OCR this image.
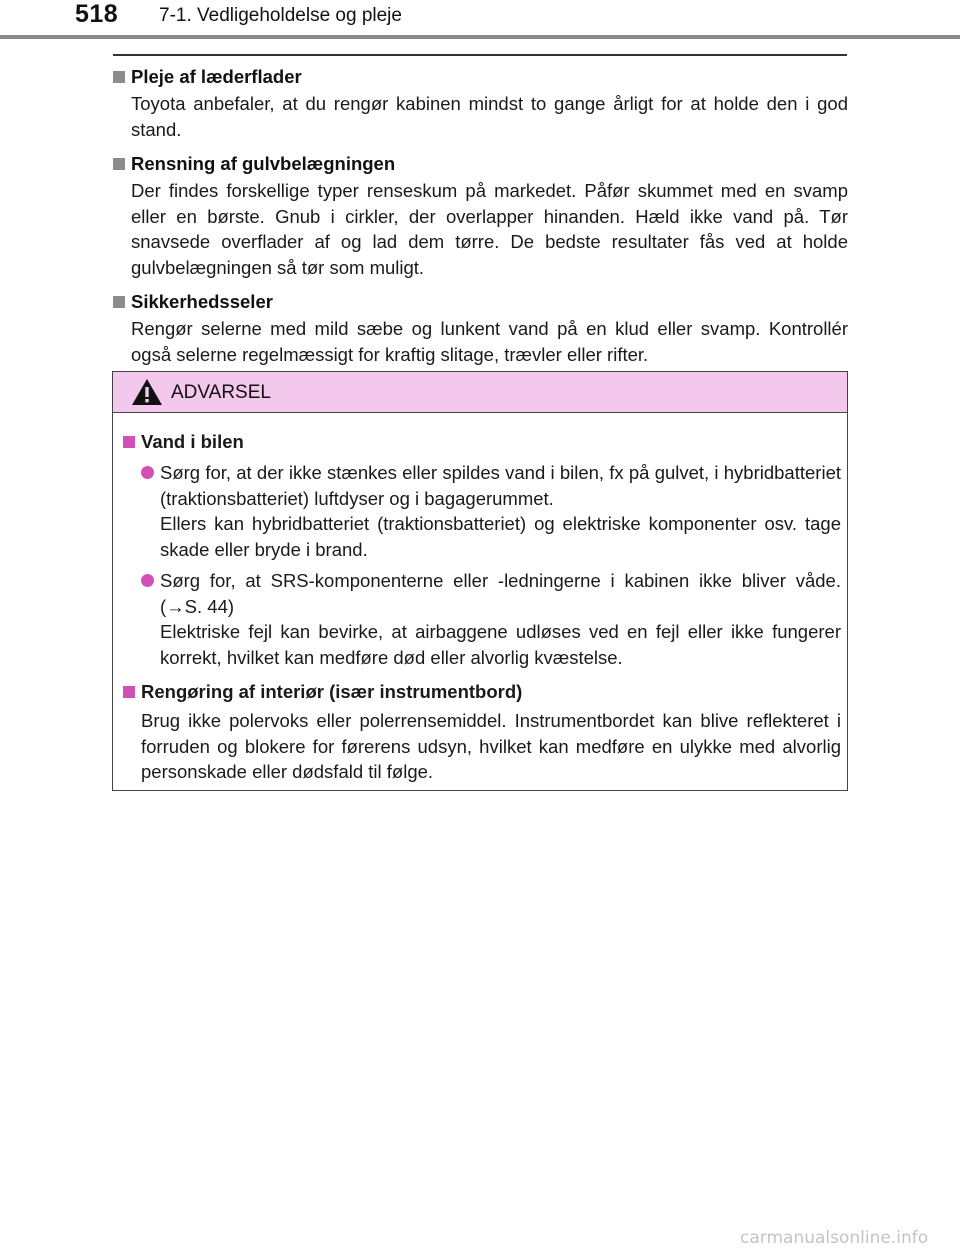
518 7-1. Vedligeholdelse og pleje
Pleje af læderflader
Toyota anbefaler, at du rengør kabinen mindst to gange årligt for at holde den i god stand.
Rensning af gulvbelægningen
Der findes forskellige typer renseskum på markedet. Påfør skummet med en svamp eller en børste. Gnub i cirkler, der overlapper hinanden. Hæld ikke vand på. Tør snavsede overflader af og lad dem tørre. De bedste resultater fås ved at holde gulvbelægningen så tør som muligt.
Sikkerhedsseler
Rengør selerne med mild sæbe og lunkent vand på en klud eller svamp. Kontrollér også selerne regelmæssigt for kraftig slitage, trævler eller rifter.
ADVARSEL
Vand i bilen
Sørg for, at der ikke stænkes eller spildes vand i bilen, fx på gulvet, i hybridbatteriet (traktionsbatteriet) luftdyser og i bagagerummet.
Ellers kan hybridbatteriet (traktionsbatteriet) og elektriske komponenter osv. tage skade eller bryde i brand.
Sørg for, at SRS-komponenterne eller -ledningerne i kabinen ikke bliver våde. (→S. 44)
Elektriske fejl kan bevirke, at airbaggene udløses ved en fejl eller ikke fungerer korrekt, hvilket kan medføre død eller alvorlig kvæstelse.
Rengøring af interiør (især instrumentbord)
Brug ikke polervoks eller polerrensemiddel. Instrumentbordet kan blive reflekteret i forruden og blokere for førerens udsyn, hvilket kan medføre en ulykke med alvorlig personskade eller dødsfald til følge.
carmanualsonline.info
